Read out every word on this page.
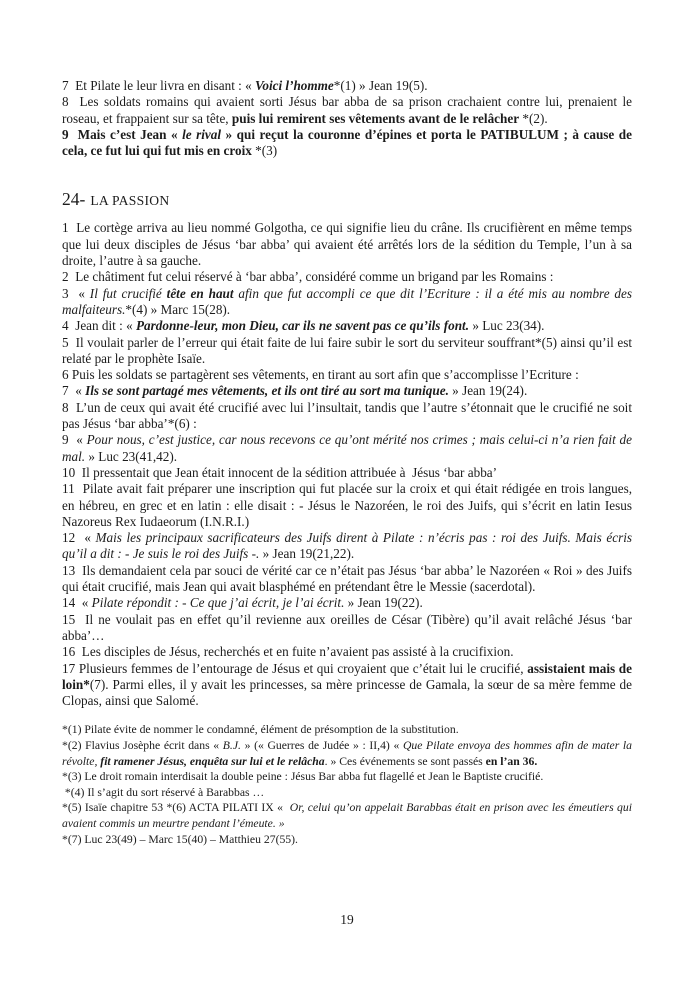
7  Et Pilate le leur livra en disant : « Voici l’homme*(1) » Jean 19(5).

8  Les soldats romains qui avaient sorti Jésus bar abba de sa prison crachaient contre lui, prenaient le roseau, et frappaient sur sa tête, puis lui remirent ses vêtements avant de le relâcher *(2).

9  Mais c’est Jean « le rival » qui reçut la couronne d’épines et porta le PATIBULUM ; à cause de cela, ce fut lui qui fut mis en croix *(3)

24- LA PASSION

1  Le cortège arriva au lieu nommé Golgotha, ce qui signifie lieu du crâne. Ils crucifièrent en même temps que lui deux disciples de Jésus ‘bar abba’ qui avaient été arrêtés lors de la sédition du Temple, l’un à sa droite, l’autre à sa gauche.

2  Le châtiment fut celui réservé à ‘bar abba’, considéré comme un brigand par les Romains :

3  « Il fut crucifié tête en haut afin que fut accompli ce que dit l’Ecriture : il a été mis au nombre des malfaiteurs.*(4) » Marc 15(28).

4  Jean dit : « Pardonne-leur, mon Dieu, car ils ne savent pas ce qu’ils font. » Luc 23(34).

5  Il voulait parler de l’erreur qui était faite de lui faire subir le sort du serviteur souffrant*(5) ainsi qu’il est relaté par le prophète Isaïe.

6 Puis les soldats se partagèrent ses vêtements, en tirant au sort afin que s’accomplisse l’Ecriture :

7  « Ils se sont partagé mes vêtements, et ils ont tiré au sort ma tunique. » Jean 19(24).

8  L’un de ceux qui avait été crucifié avec lui l’insultait, tandis que l’autre s’étonnait que le crucifié ne soit pas Jésus ‘bar abba’*(6) :

9  « Pour nous, c’est justice, car nous recevons ce qu’ont mérité nos crimes ; mais celui-ci n’a rien fait de mal. » Luc 23(41,42).

10  Il pressentait que Jean était innocent de la sédition attribuée à  Jésus ‘bar abba’

11  Pilate avait fait préparer une inscription qui fut placée sur la croix et qui était rédigée en trois langues, en hébreu, en grec et en latin : elle disait : - Jésus le Nazoréen, le roi des Juifs, qui s’écrit en latin Iesus Nazoreus Rex Iudaeorum (I.N.R.I.)

12  « Mais les principaux sacrificateurs des Juifs dirent à Pilate : n’écris pas : roi des Juifs. Mais écris qu’il a dit : - Je suis le roi des Juifs -. » Jean 19(21,22).

13  Ils demandaient cela par souci de vérité car ce n’était pas Jésus ‘bar abba’ le Nazoréen « Roi » des Juifs qui était crucifié, mais Jean qui avait blasphémé en prétendant être le Messie (sacerdotal).

14  « Pilate répondit : - Ce que j’ai écrit, je l’ai écrit. » Jean 19(22).

15  Il ne voulait pas en effet qu’il revienne aux oreilles de César (Tibère) qu’il avait relâché Jésus ‘bar abba’…

16  Les disciples de Jésus, recherchés et en fuite n’avaient pas assisté à la crucifixion.

17 Plusieurs femmes de l’entourage de Jésus et qui croyaient que c’était lui le crucifié, assistaient mais de loin*(7). Parmi elles, il y avait les princesses, sa mère princesse de Gamala, la sœur de sa mère femme de Clopas, ainsi que Salomé.

*(1) Pilate évite de nommer le condamné, élément de présomption de la substitution.

*(2) Flavius Josèphe écrit dans « B.J. » (« Guerres de Judée » : II,4) « Que Pilate envoya des hommes afin de mater la révolte, fit ramener Jésus, enquêta sur lui et le relâcha. » Ces événements se sont passés en l’an 36.

*(3) Le droit romain interdisait la double peine : Jésus Bar abba fut flagellé et Jean le Baptiste crucifié.

*(4) Il s’agit du sort réservé à Barabbas …

*(5) Isaïe chapitre 53 *(6) ACTA PILATI IX «  Or, celui qu’on appelait Barabbas était en prison avec les émeutiers qui avaient commis un meurtre pendant l’émeute. »

*(7) Luc 23(49) – Marc 15(40) – Matthieu 27(55).

19
